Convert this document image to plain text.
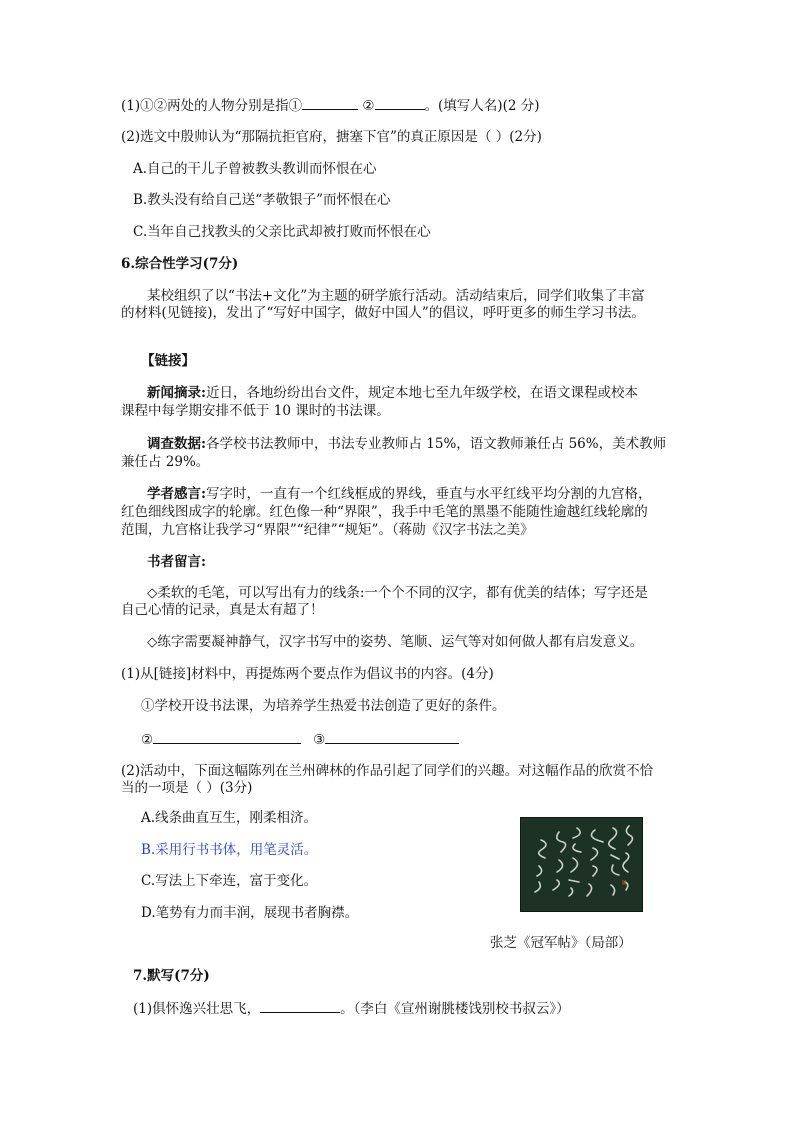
(1)①②两处的人物分别是指①	②	。(填写人名)(2 分)
(2)选文中殷帅认为“那隔抗拒官府，搪塞下官”的真正原因是（ ）(2分)
A.自己的干儿子曾被教头教训而怀恨在心
B.教头没有给自己送“孝敬银子”而怀恨在心
C.当年自己找教头的父亲比武却被打败而怀恨在心
6.综合性学习(7分)
某校组织了以“书法+文化”为主题的研学旅行活动。活动结束后，同学们收集了丰富
的材料(见链接)，发出了“写好中国字，做好中国人”的倡议，呼吁更多的师生学习书法。
【链接】
新闻摘录:近日，各地纷纷出台文件，规定本地七至九年级学校，在语文课程或校本
课程中每学期安排不低于 10 课时的书法课。
调查数据:各学校书法教师中，书法专业教师占 15%，语文教师兼任占 56%，美术教师
兼任占 29%。
学者感言:写字时，一直有一个红线框成的界线，垂直与水平红线平均分割的九宫格，
红色细线图成字的轮廓。红色像一种“界限”，我手中毛笔的黑墨不能随性逾越红线轮廓的
范围，九宫格让我学习“界限”“纪律”“规矩”。（蒋勋《汉字书法之美》
书者留言:
◇柔软的毛笔，可以写出有力的线条:一个个不同的汉字，都有优美的结体；写字还是
自己心情的记录，真是太有超了！
◇练字需要凝神静气，汉字书写中的姿势、笔顺、运气等对如何做人都有启发意义。
(1)从[链接]材料中，再提炼两个要点作为倡议书的内容。(4分)
①学校开设书法课，为培养学生热爱书法创造了更好的条件。
②	③
(2)活动中，下面这幅陈列在兰州碑林的作品引起了同学们的兴趣。对这幅作品的欣赏不恰
当的一项是（ ）(3分)
A.线条曲直互生，刚柔相济。
B.采用行书书体，用笔灵活。
C.写法上下牵连，富于变化。
D.笔势有力而丰润，展现书者胸襟。
张芝《冠军帖》（局部）
7.默写(7分)
(1)俱怀逸兴壮思飞，	。（李白《宣州谢朓楼饯别校书叔云》）
